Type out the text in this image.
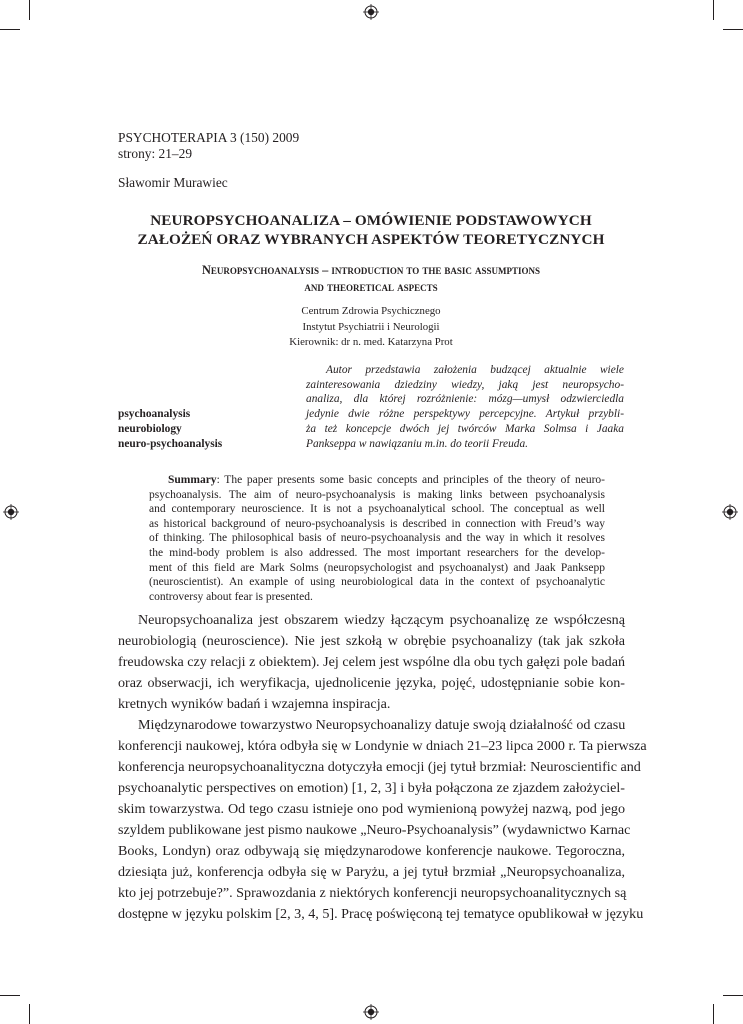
PSYCHOTERAPIA 3 (150) 2009
strony: 21–29
Sławomir Murawiec
NEUROPSYCHOANALIZA – OMÓWIENIE PODSTAWOWYCH
ZAŁOŻEŃ ORAZ WYBRANYCH ASPEKTÓW TEORETYCZNYCH
Neuropsychoanalysis – introduction to the basic assumptions
and theoretical aspects
Centrum Zdrowia Psychicznego
Instytut Psychiatrii i Neurologii
Kierownik: dr n. med. Katarzyna Prot
psychoanalysis
neurobiology
neuro-psychoanalysis
Autor przedstawia założenia budzącej aktualnie wiele
zainteresowania dziedziny wiedzy, jaką jest neuropsycho-
analiza, dla której rozróżnienie: mózg—umysł odzwierciedla
jedynie dwie różne perspektywy percepcyjne. Artykuł przybli-
ża też koncepcje dwóch jej twórców Marka Solmsa i Jaaka
Pankseppa w nawiązaniu m.in. do teorii Freuda.
Summary: The paper presents some basic concepts and principles of the theory of neuro-
psychoanalysis. The aim of neuro-psychoanalysis is making links between psychoanalysis
and contemporary neuroscience. It is not a psychoanalytical school. The conceptual as well
as historical background of neuro-psychoanalysis is described in connection with Freud’s way
of thinking. The philosophical basis of neuro-psychoanalysis and the way in which it resolves
the mind-body problem is also addressed. The most important researchers for the develop-
ment of this field are Mark Solms (neuropsychologist and psychoanalyst) and Jaak Panksepp
(neuroscientist). An example of using neurobiological data in the context of psychoanalytic
controversy about fear is presented.
Neuropsychoanaliza jest obszarem wiedzy łączącym psychoanalizę ze współczesną
neurobiologią (neuroscience). Nie jest szkołą w obrębie psychoanalizy (tak jak szkoła
freudowska czy relacji z obiektem). Jej celem jest wspólne dla obu tych gałęzi pole badań
oraz obserwacji, ich weryfikacja, ujednolicenie języka, pojęć, udostępnianie sobie kon-
kretnych wyników badań i wzajemna inspiracja.
Międzynarodowe towarzystwo Neuropsychoanalizy datuje swoją działalność od czasu
konferencji naukowej, która odbyła się w Londynie w dniach 21–23 lipca 2000 r. Ta pierwsza
konferencja neuropsychoanalityczna dotyczyła emocji (jej tytuł brzmiał: Neuroscientific and
psychoanalytic perspectives on emotion) [1, 2, 3] i była połączona ze zjazdem założyciel-
skim towarzystwa. Od tego czasu istnieje ono pod wymienioną powyżej nazwą, pod jego
szyldem publikowane jest pismo naukowe „Neuro-Psychoanalysis” (wydawnictwo Karnac
Books, Londyn) oraz odbywają się międzynarodowe konferencje naukowe. Tegoroczna,
dziesiąta już, konferencja odbyła się w Paryżu, a jej tytuł brzmiał „Neuropsychoanaliza,
kto jej potrzebuje?”. Sprawozdania z niektórych konferencji neuropsychoanalitycznych są
dostępne w języku polskim [2, 3, 4, 5]. Pracę poświęconą tej tematyce opublikował w języku
